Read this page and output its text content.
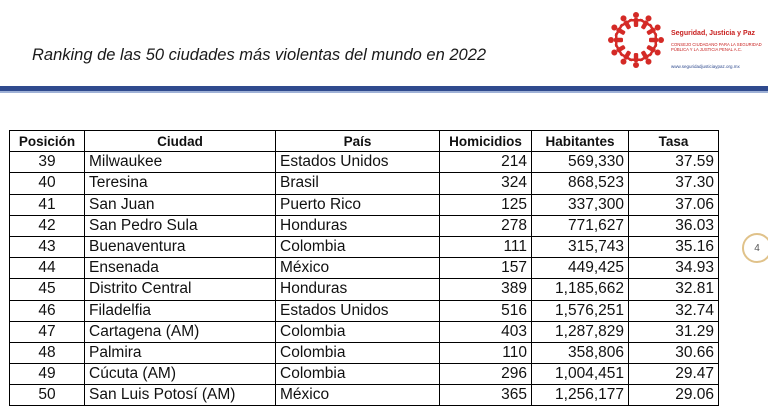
Ranking de las 50 ciudades más violentas del mundo en 2022
Seguridad, Justicia y Paz
CONSEJO CIUDADANO PARA LA SEGURIDAD PÚBLICA Y LA JUSTICIA PENAL A.C.
www.seguridadjusticiaypaz.org.mx
4
Posición	Ciudad	País	Homicidios	Habitantes	Tasa
39	Milwaukee	Estados Unidos	214	569,330	37.59
40	Teresina	Brasil	324	868,523	37.30
41	San Juan	Puerto Rico	125	337,300	37.06
42	San Pedro Sula	Honduras	278	771,627	36.03
43	Buenaventura	Colombia	111	315,743	35.16
44	Ensenada	México	157	449,425	34.93
45	Distrito Central	Honduras	389	1,185,662	32.81
46	Filadelfia	Estados Unidos	516	1,576,251	32.74
47	Cartagena (AM)	Colombia	403	1,287,829	31.29
48	Palmira	Colombia	110	358,806	30.66
49	Cúcuta (AM)	Colombia	296	1,004,451	29.47
50	San Luis Potosí (AM)	México	365	1,256,177	29.06
